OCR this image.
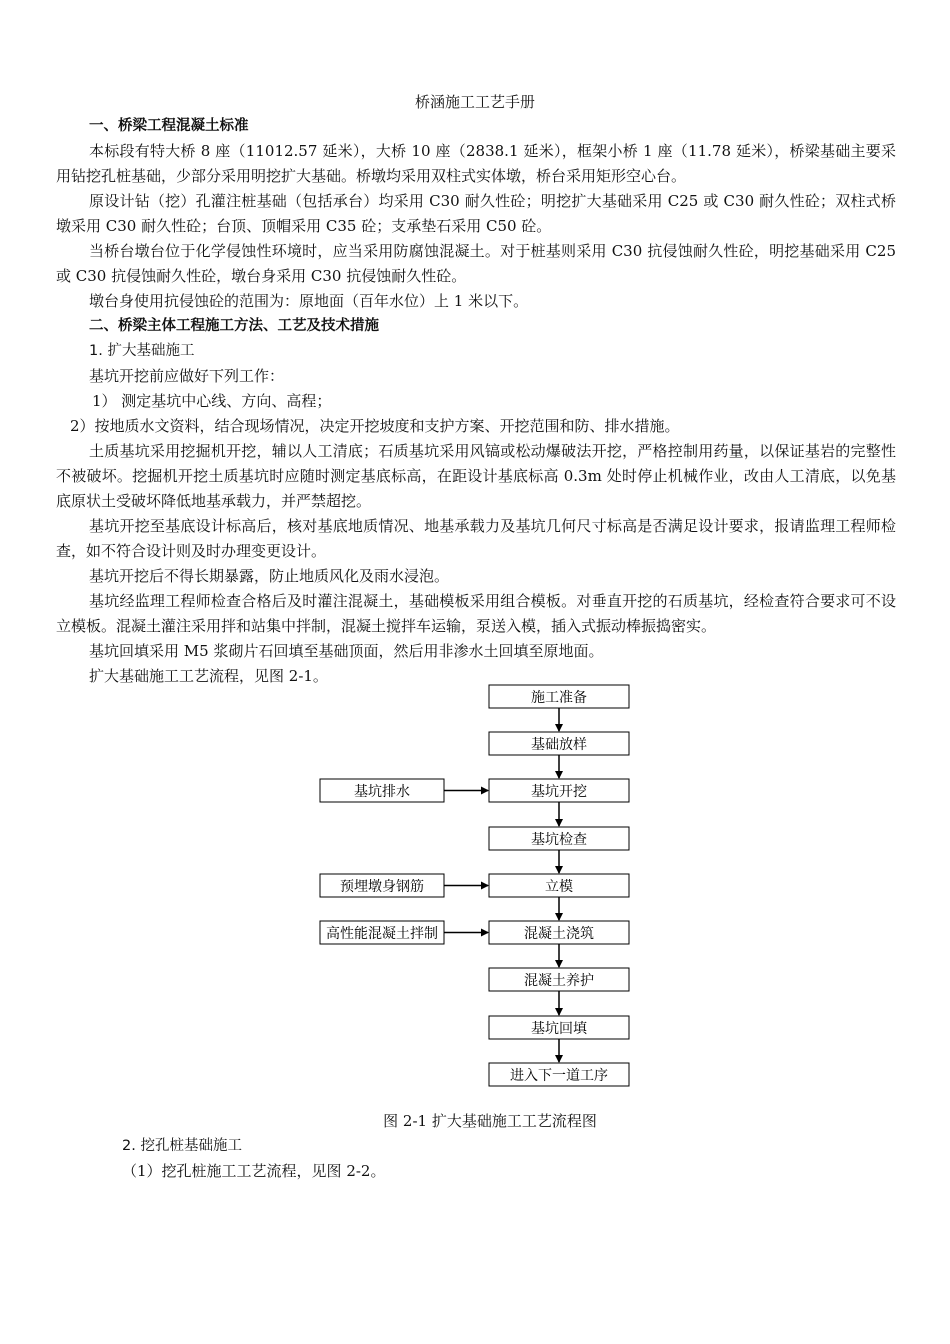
桥涵施工工艺手册

一、桥梁工程混凝土标准

本标段有特大桥 8 座（11012.57 延米），大桥 10 座（2838.1 延米），框架小桥 1 座（11.78 延米），桥梁基础主要采用钻挖孔桩基础，少部分采用明挖扩大基础。桥墩均采用双柱式实体墩，桥台采用矩形空心台。

原设计钻（挖）孔灌注桩基础（包括承台）均采用 C30 耐久性砼；明挖扩大基础采用 C25 或 C30 耐久性砼；双柱式桥墩采用 C30 耐久性砼；台顶、顶帽采用 C35 砼；支承垫石采用 C50 砼。

当桥台墩台位于化学侵蚀性环境时，应当采用防腐蚀混凝土。对于桩基则采用 C30 抗侵蚀耐久性砼，明挖基础采用 C25 或 C30 抗侵蚀耐久性砼，墩台身采用 C30 抗侵蚀耐久性砼。

墩台身使用抗侵蚀砼的范围为：原地面（百年水位）上 1 米以下。

二、桥梁主体工程施工方法、工艺及技术措施

1. 扩大基础施工

基坑开挖前应做好下列工作：

1） 测定基坑中心线、方向、高程；

2）按地质水文资料，结合现场情况，决定开挖坡度和支护方案、开挖范围和防、排水措施。

土质基坑采用挖掘机开挖，辅以人工清底；石质基坑采用风镐或松动爆破法开挖，严格控制用药量，以保证基岩的完整性不被破坏。挖掘机开挖土质基坑时应随时测定基底标高，在距设计基底标高 0.3m 处时停止机械作业，改由人工清底，以免基底原状土受破坏降低地基承载力，并严禁超挖。

基坑开挖至基底设计标高后，核对基底地质情况、地基承载力及基坑几何尺寸标高是否满足设计要求，报请监理工程师检查，如不符合设计则及时办理变更设计。

基坑开挖后不得长期暴露，防止地质风化及雨水浸泡。

基坑经监理工程师检查合格后及时灌注混凝土，基础模板采用组合模板。对垂直开挖的石质基坑，经检查符合要求可不设立模板。混凝土灌注采用拌和站集中拌制，混凝土搅拌车运输，泵送入模，插入式振动棒振捣密实。

基坑回填采用 M5 浆砌片石回填至基础顶面，然后用非渗水土回填至原地面。

扩大基础施工工艺流程，见图 2-1。

施工准备
基础放样
基坑开挖
基坑检查
立模
混凝土浇筑
混凝土养护
基坑回填
进入下一道工序
基坑排水
预埋墩身钢筋
高性能混凝土拌制
图 2-1 扩大基础施工工艺流程图
2. 挖孔桩基础施工
（1）挖孔桩施工工艺流程，见图 2-2。
